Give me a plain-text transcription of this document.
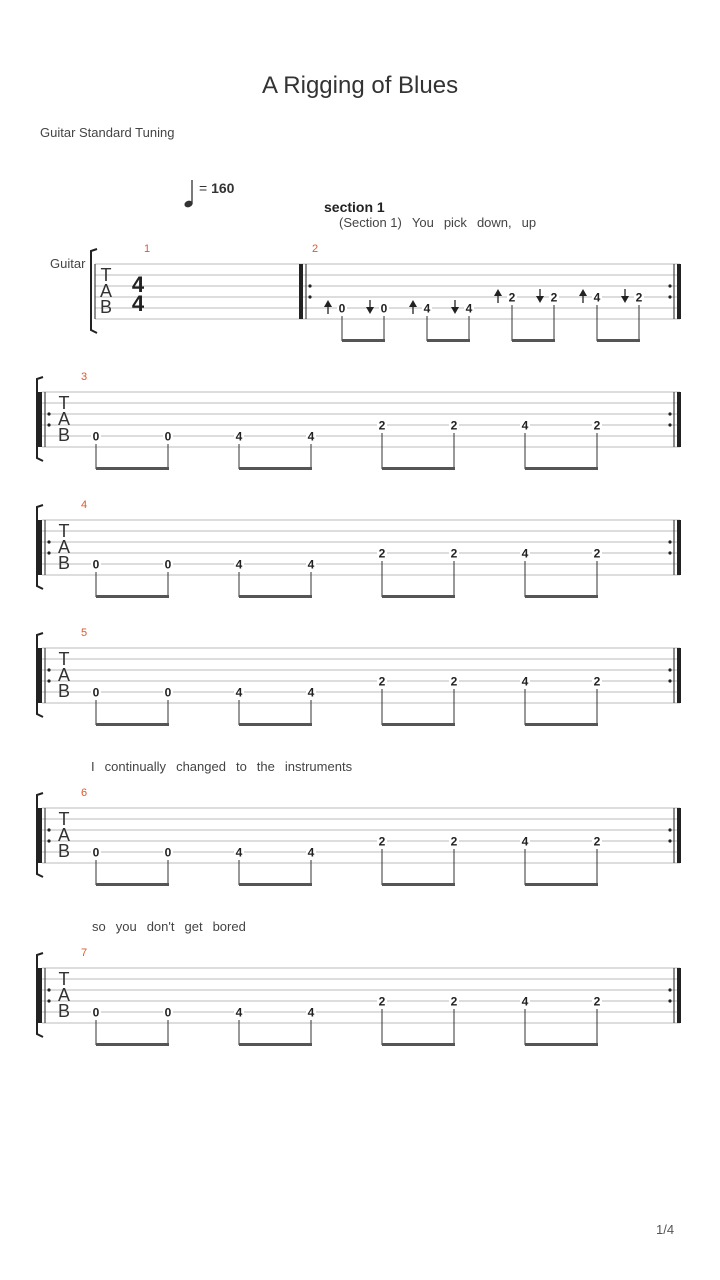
A Rigging of Blues
Guitar Standard Tuning
= 160
section 1
(Section 1) You pick down, up
I continually changed to the instruments
so you don't get bored
Guitar
T
A
B
4
4
1	2
0	0	4	4
2	2	4	2
T
A
B
3
0	0	4	4
2	2	4	2
T
A
B
4
0	0	4	4
2	2	4	2
T
A
B
5
0	0	4	4
2	2	4	2
T
A
B
6
0	0	4	4
2	2	4	2
T
A
B
7
0	0	4	4
2	2	4	2
1/4
